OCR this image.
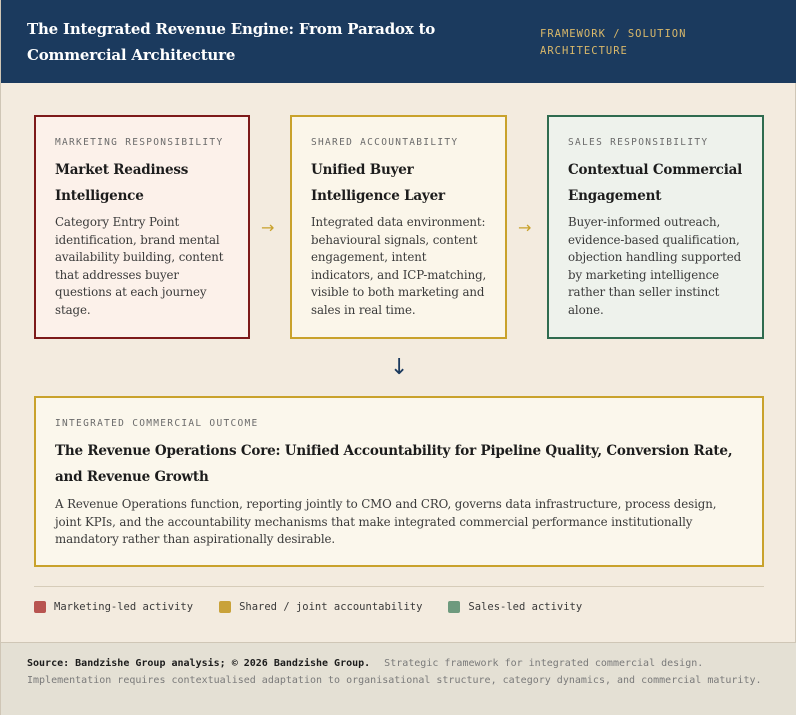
The Integrated Revenue Engine: From Paradox to Commercial Architecture
FRAMEWORK / SOLUTION ARCHITECTURE
MARKETING RESPONSIBILITY
Market Readiness Intelligence
Category Entry Point identification, brand mental availability building, content that addresses buyer questions at each journey stage.
→
SHARED ACCOUNTABILITY
Unified Buyer Intelligence Layer
Integrated data environment: behavioural signals, content engagement, intent indicators, and ICP-matching, visible to both marketing and sales in real time.
→
SALES RESPONSIBILITY
Contextual Commercial Engagement
Buyer-informed outreach, evidence-based qualification, objection handling supported by marketing intelligence rather than seller instinct alone.
↓
INTEGRATED COMMERCIAL OUTCOME
The Revenue Operations Core: Unified Accountability for Pipeline Quality, Conversion Rate, and Revenue Growth
A Revenue Operations function, reporting jointly to CMO and CRO, governs data infrastructure, process design, joint KPIs, and the accountability mechanisms that make integrated commercial performance institutionally mandatory rather than aspirationally desirable.
Marketing-led activity	Shared / joint accountability	Sales-led activity
Source: Bandzishe Group analysis; © 2026 Bandzishe Group. Strategic framework for integrated commercial design. Implementation requires contextualised adaptation to organisational structure, category dynamics, and commercial maturity.
